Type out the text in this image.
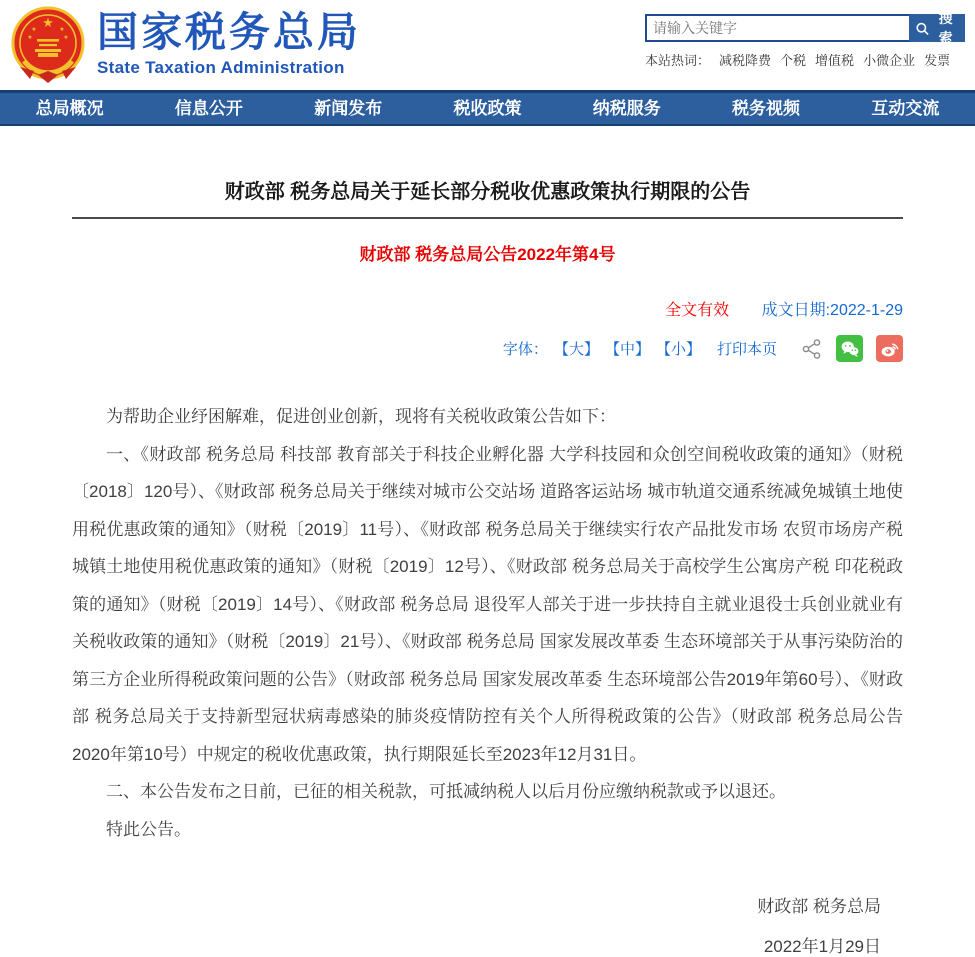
★
★	★
★	★ 国家税务总局
State Taxation Administration
请输入关键字
搜索
本站热词： 减税降费 个税 增值税 小微企业 发票
总局概况	信息公开	新闻发布	税收政策	纳税服务	税务视频	互动交流
财政部 税务总局关于延长部分税收优惠政策执行期限的公告
财政部 税务总局公告2022年第4号
全文有效 成文日期:2022-1-29
字体： 【大】 【中】 【小】 打印本页

为帮助企业纾困解难，促进创业创新，现将有关税收政策公告如下：

一、《财政部 税务总局 科技部 教育部关于科技企业孵化器 大学科技园和众创空间税收政策的通知》（财税〔2018〕120号）、《财政部 税务总局关于继续对城市公交站场 道路客运站场 城市轨道交通系统减免城镇土地使用税优惠政策的通知》（财税〔2019〕11号）、《财政部 税务总局关于继续实行农产品批发市场 农贸市场房产税城镇土地使用税优惠政策的通知》（财税〔2019〕12号）、《财政部 税务总局关于高校学生公寓房产税 印花税政策的通知》（财税〔2019〕14号）、《财政部 税务总局 退役军人部关于进一步扶持自主就业退役士兵创业就业有关税收政策的通知》（财税〔2019〕21号）、《财政部 税务总局 国家发展改革委 生态环境部关于从事污染防治的第三方企业所得税政策问题的公告》（财政部 税务总局 国家发展改革委 生态环境部公告2019年第60号）、《财政部 税务总局关于支持新型冠状病毒感染的肺炎疫情防控有关个人所得税政策的公告》（财政部 税务总局公告2020年第10号）中规定的税收优惠政策，执行期限延长至2023年12月31日。

二、本公告发布之日前，已征的相关税款，可抵减纳税人以后月份应缴纳税款或予以退还。

特此公告。

财政部 税务总局
2022年1月29日
